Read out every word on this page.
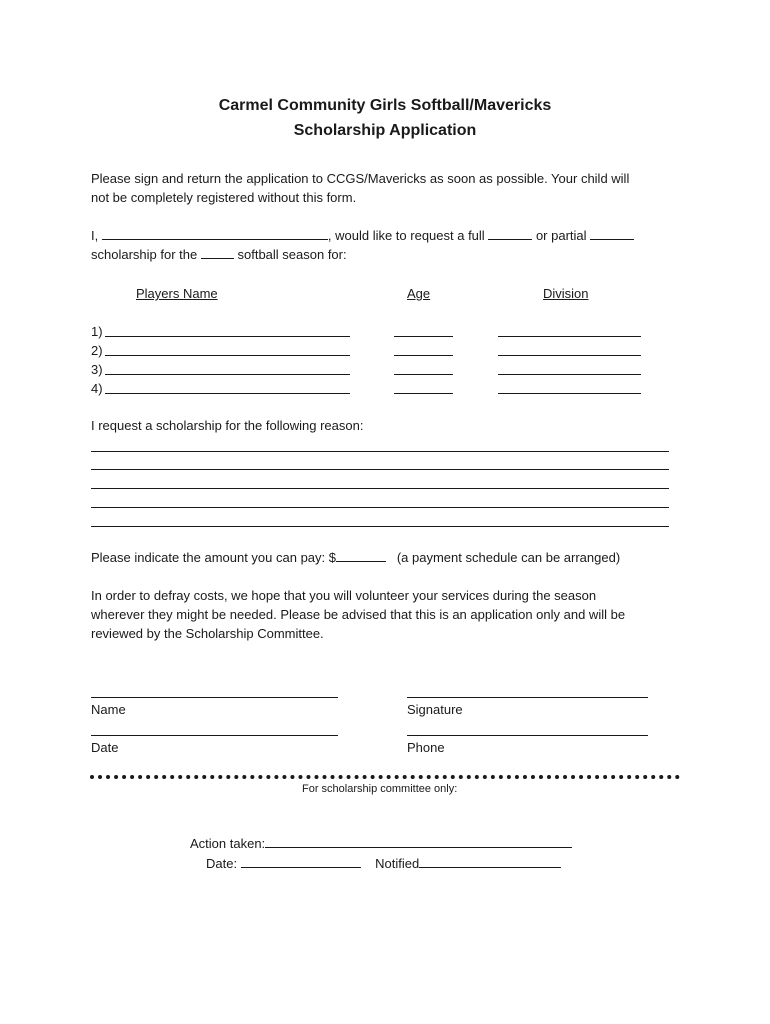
Carmel Community Girls Softball/Mavericks
Scholarship Application
Please sign and return the application to CCGS/Mavericks as soon as possible. Your child will
not be completely registered without this form.
I,	, would like to request a full	or partial
scholarship for the	softball season for:
Players Name	Age	Division
1)
2)
3)
4)
I request a scholarship for the following reason:
Please indicate the amount you can pay: $	(a payment schedule can be arranged)
In order to defray costs, we hope that you will volunteer your services during the season
wherever they might be needed. Please be advised that this is an application only and will be
reviewed by the Scholarship Committee.
Name	Signature
Date	Phone
For scholarship committee only:
Action taken:
Date:	Notified
